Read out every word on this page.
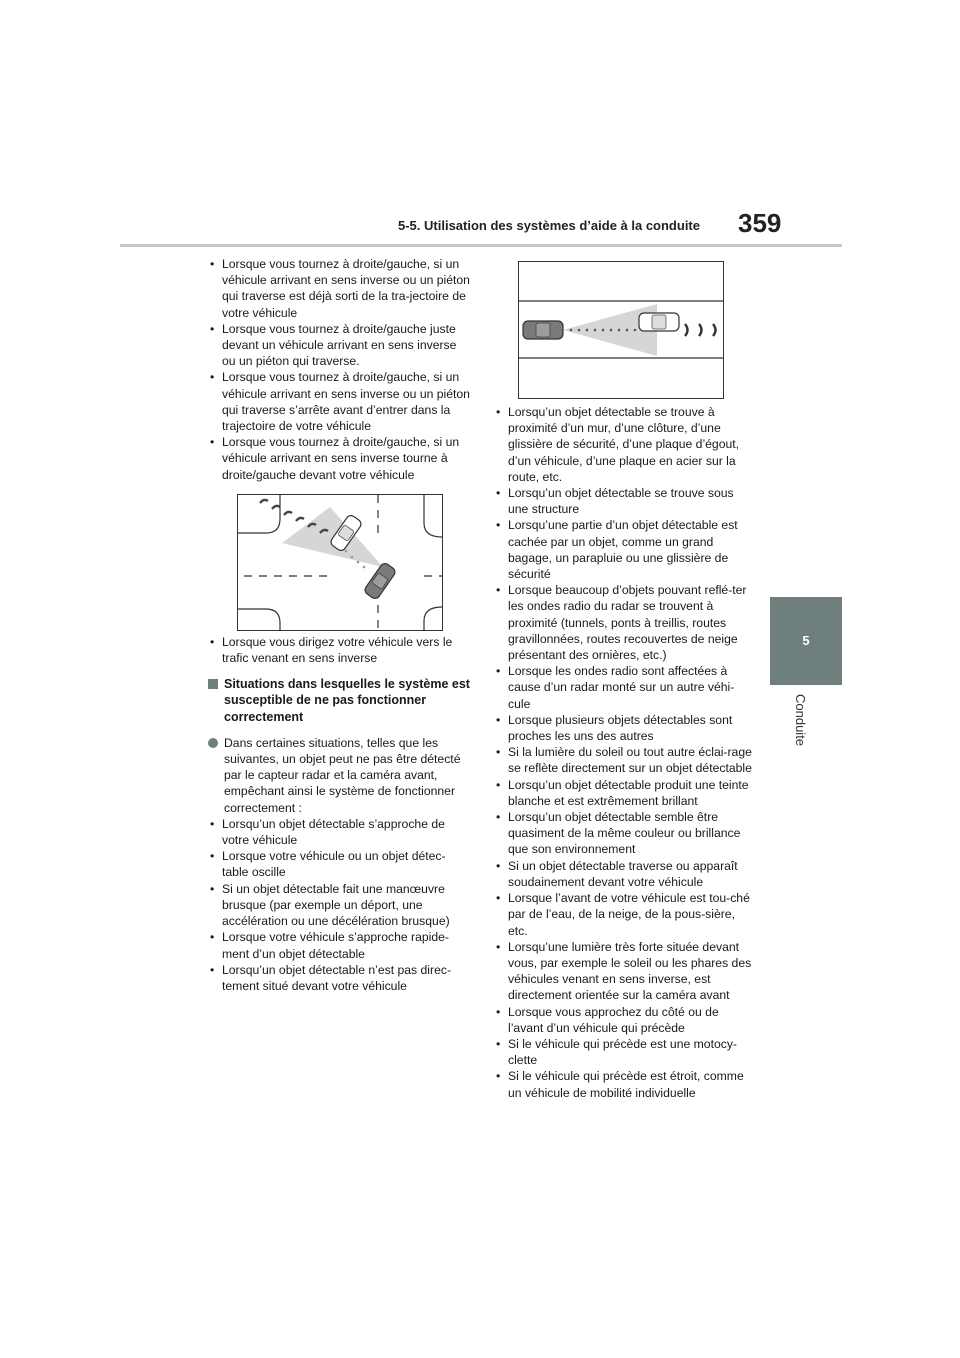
5-5. Utilisation des systèmes d’aide à la conduite 359
5
Conduite
• Lorsque vous tournez à droite/gauche, si un véhicule arrivant en sens inverse ou un piéton qui traverse est déjà sorti de la tra-jectoire de votre véhicule
• Lorsque vous tournez à droite/gauche juste devant un véhicule arrivant en sens inverse ou un piéton qui traverse.
• Lorsque vous tournez à droite/gauche, si un véhicule arrivant en sens inverse ou un piéton qui traverse s’arrête avant d’entrer dans la trajectoire de votre véhicule
• Lorsque vous tournez à droite/gauche, si un véhicule arrivant en sens inverse tourne à droite/gauche devant votre véhicule
• Lorsque vous dirigez votre véhicule vers le trafic venant en sens inverse
Situations dans lesquelles le système est susceptible de ne pas fonctionner correctement
Dans certaines situations, telles que les suivantes, un objet peut ne pas être détecté par le capteur radar et la caméra avant, empêchant ainsi le système de fonctionner correctement :
• Lorsqu’un objet détectable s’approche de votre véhicule
• Lorsque votre véhicule ou un objet détec-table oscille
• Si un objet détectable fait une manœuvre brusque (par exemple un déport, une accélération ou une décélération brusque)
• Lorsque votre véhicule s’approche rapide-ment d’un objet détectable
• Lorsqu’un objet détectable n’est pas direc-tement situé devant votre véhicule
• Lorsqu’un objet détectable se trouve à proximité d’un mur, d’une clôture, d’une glissière de sécurité, d’une plaque d’égout, d’un véhicule, d’une plaque en acier sur la route, etc.
• Lorsqu’un objet détectable se trouve sous une structure
• Lorsqu’une partie d’un objet détectable est cachée par un objet, comme un grand bagage, un parapluie ou une glissière de sécurité
• Lorsque beaucoup d’objets pouvant reflé-ter les ondes radio du radar se trouvent à proximité (tunnels, ponts à treillis, routes gravillonnées, routes recouvertes de neige présentant des ornières, etc.)
• Lorsque les ondes radio sont affectées à cause d’un radar monté sur un autre véhi-cule
• Lorsque plusieurs objets détectables sont proches les uns des autres
• Si la lumière du soleil ou tout autre éclai-rage se reflète directement sur un objet détectable
• Lorsqu’un objet détectable produit une teinte blanche et est extrêmement brillant
• Lorsqu’un objet détectable semble être quasiment de la même couleur ou brillance que son environnement
• Si un objet détectable traverse ou apparaît soudainement devant votre véhicule
• Lorsque l’avant de votre véhicule est tou-ché par de l’eau, de la neige, de la pous-sière, etc.
• Lorsqu’une lumière très forte située devant vous, par exemple le soleil ou les phares des véhicules venant en sens inverse, est directement orientée sur la caméra avant
• Lorsque vous approchez du côté ou de l’avant d’un véhicule qui précède
• Si le véhicule qui précède est une motocy-clette
• Si le véhicule qui précède est étroit, comme un véhicule de mobilité individuelle
